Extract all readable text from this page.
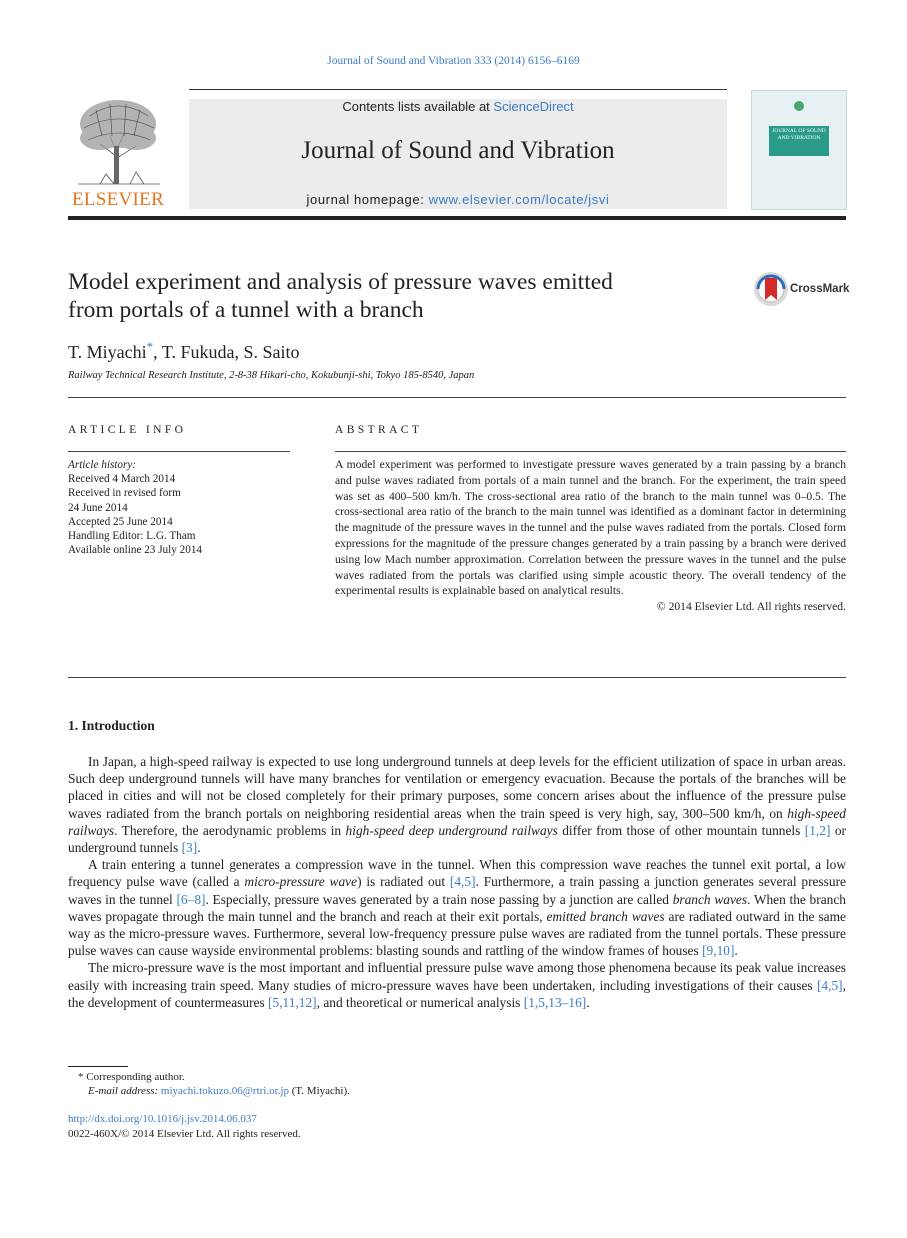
Journal of Sound and Vibration 333 (2014) 6156–6169
ELSEVIER
Contents lists available at ScienceDirect
Journal of Sound and Vibration
journal homepage: www.elsevier.com/locate/jsvi
JOURNAL OF SOUND AND VIBRATION
Model experiment and analysis of pressure waves emitted
from portals of a tunnel with a branch
CrossMark
T. Miyachi*, T. Fukuda, S. Saito
Railway Technical Research Institute, 2-8-38 Hikari-cho, Kokubunji-shi, Tokyo 185-8540, Japan
ARTICLE INFO
Article history:
Received 4 March 2014
Received in revised form
24 June 2014
Accepted 25 June 2014
Handling Editor: L.G. Tham
Available online 23 July 2014
ABSTRACT
A model experiment was performed to investigate pressure waves generated by a train passing by a branch and pulse waves radiated from portals of a main tunnel and the branch. For the experiment, the train speed was set as 400–500 km/h. The cross-sectional area ratio of the branch to the main tunnel was 0–0.5. The cross-sectional area ratio of the branch to the main tunnel was identified as a dominant factor in determining the magnitude of the pressure waves in the tunnel and the pulse waves radiated from the portals. Closed form expressions for the magnitude of the pressure changes generated by a train passing by a branch were derived using low Mach number approximation. Correlation between the pressure waves in the tunnel and the pulse waves radiated from the portals was clarified using simple acoustic theory. The overall tendency of the experimental results is explainable based on analytical results.
© 2014 Elsevier Ltd. All rights reserved.
1. Introduction

In Japan, a high-speed railway is expected to use long underground tunnels at deep levels for the efficient utilization of space in urban areas. Such deep underground tunnels will have many branches for ventilation or emergency evacuation. Because the portals of the branches will be placed in cities and will not be closed completely for their primary purposes, some concern arises about the influence of the pressure pulse waves radiated from the branch portals on neighboring residential areas when the train speed is very high, say, 300–500 km/h, on high-speed railways. Therefore, the aerodynamic problems in high-speed deep underground railways differ from those of other mountain tunnels [1,2] or underground tunnels [3].

A train entering a tunnel generates a compression wave in the tunnel. When this compression wave reaches the tunnel exit portal, a low frequency pulse wave (called a micro-pressure wave) is radiated out [4,5]. Furthermore, a train passing a junction generates several pressure waves in the tunnel [6–8]. Especially, pressure waves generated by a train nose passing by a junction are called branch waves. When the branch waves propagate through the main tunnel and the branch and reach at their exit portals, emitted branch waves are radiated outward in the same way as the micro-pressure waves. Furthermore, several low-frequency pressure pulse waves are radiated from the tunnel portals. These pressure pulse waves can cause wayside environmental problems: blasting sounds and rattling of the window frames of houses [9,10].

The micro-pressure wave is the most important and influential pressure pulse wave among those phenomena because its peak value increases easily with increasing train speed. Many studies of micro-pressure waves have been undertaken, including investigations of their causes [4,5], the development of countermeasures [5,11,12], and theoretical or numerical analysis [1,5,13–16].

* Corresponding author.
E-mail address: miyachi.tokuzo.06@rtri.or.jp (T. Miyachi).
http://dx.doi.org/10.1016/j.jsv.2014.06.037
0022-460X/© 2014 Elsevier Ltd. All rights reserved.
